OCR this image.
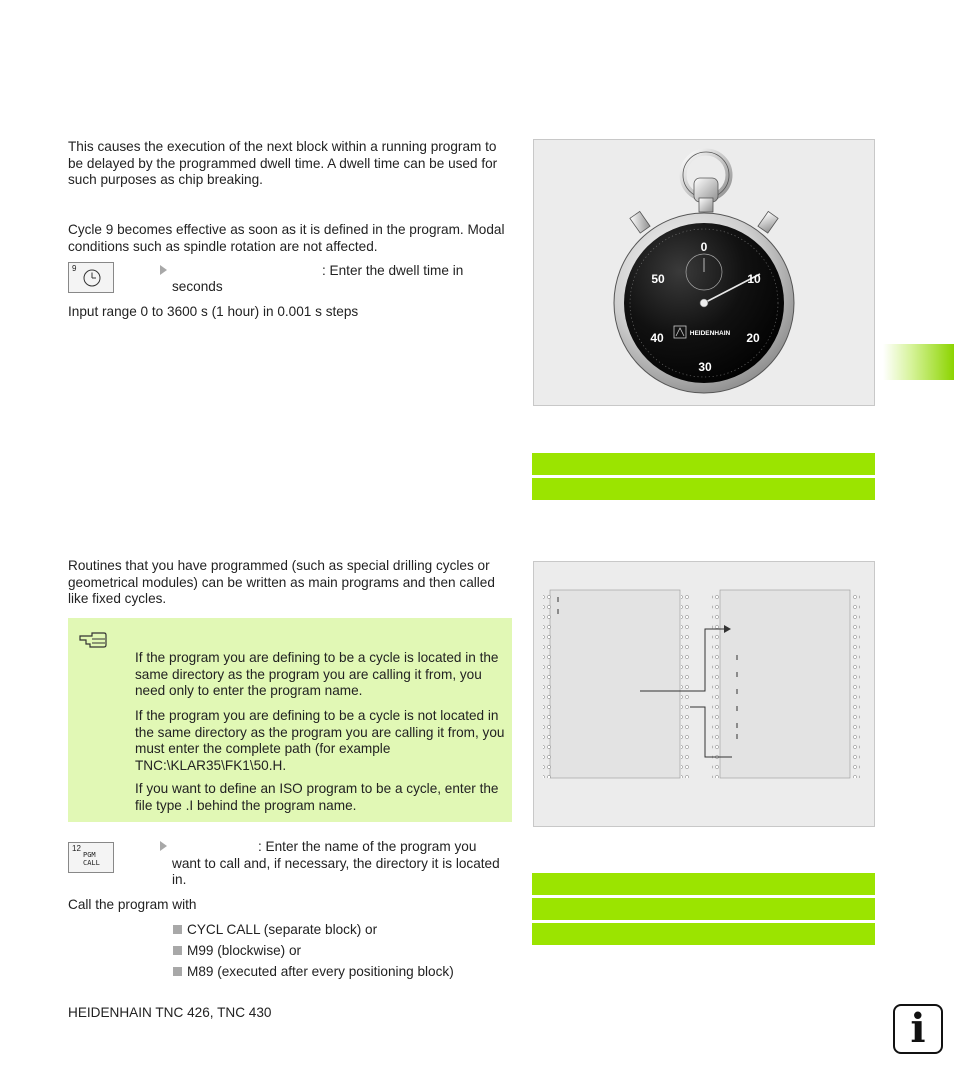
This causes the execution of the next block within a running program to be delayed by the programmed dwell time. A dwell time can be used for such purposes as chip breaking.
Cycle 9 becomes effective as soon as it is defined in the program. Modal conditions such as spindle rotation are not affected.
9	: Enter the dwell time in
seconds
Input range 0 to 3600 s (1 hour) in 0.001 s steps
0
10
20
30
40
50
HEIDENHAIN
Routines that you have programmed (such as special drilling cycles or geometrical modules) can be written as main programs and then called like fixed cycles.
If the program you are defining to be a cycle is located in the same directory as the program you are calling it from, you need only to enter the program name.
If the program you are defining to be a cycle is not located in the same directory as the program you are calling it from, you must enter the complete path (for example TNC:\KLAR35\FK1\50.H.
If you want to define an ISO program to be a cycle, enter the file type .I behind the program name.
12
PGM
CALL
: Enter the name of the program you want to call and, if necessary, the directory it is located in.
Call the program with
CYCL CALL (separate block) or
M99 (blockwise) or
M89 (executed after every positioning block)
HEIDENHAIN TNC 426, TNC 430	i
